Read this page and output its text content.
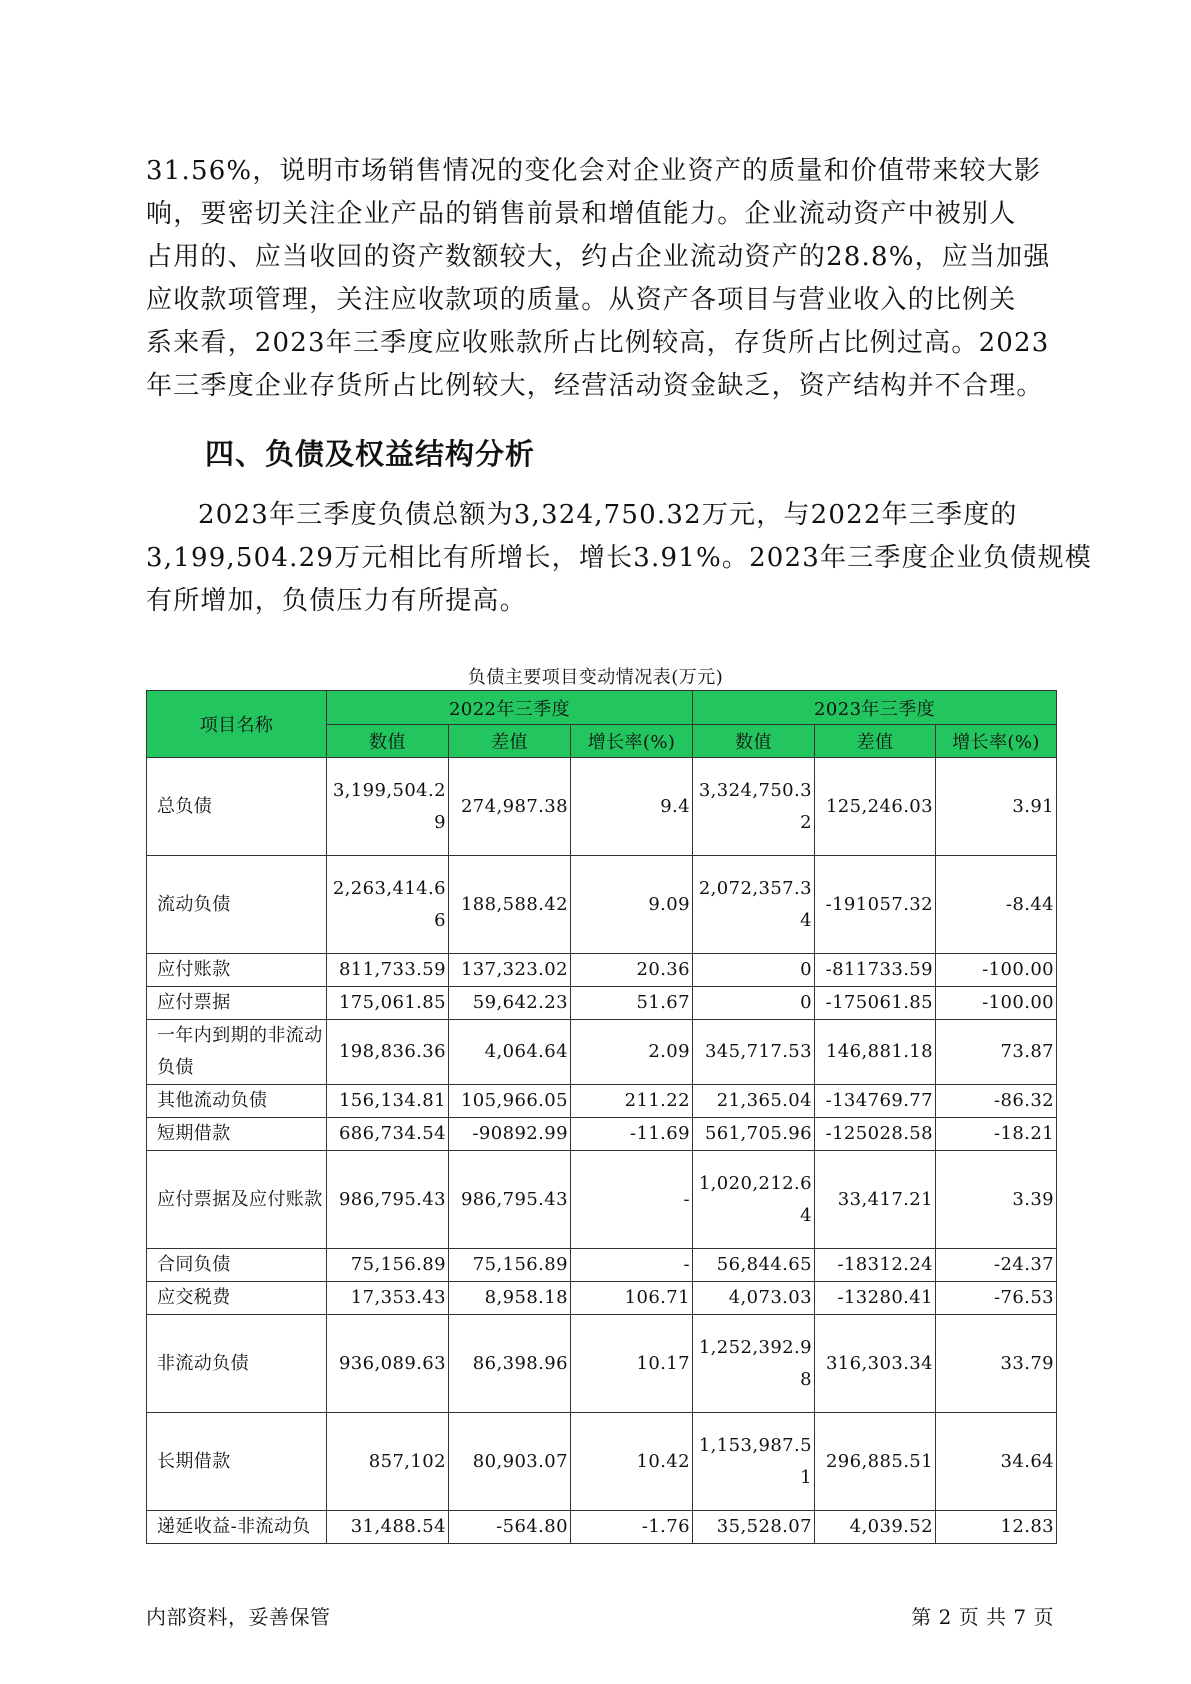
31.56%，说明市场销售情况的变化会对企业资产的质量和价值带来较大影
响，要密切关注企业产品的销售前景和增值能力。企业流动资产中被别人
占用的、应当收回的资产数额较大，约占企业流动资产的28.8%，应当加强
应收款项管理，关注应收款项的质量。从资产各项目与营业收入的比例关
系来看，2023年三季度应收账款所占比例较高，存货所占比例过高。2023
年三季度企业存货所占比例较大，经营活动资金缺乏，资产结构并不合理。
四、负债及权益结构分析
2023年三季度负债总额为3,324,750.32万元，与2022年三季度的
3,199,504.29万元相比有所增长，增长3.91%。2023年三季度企业负债规模
有所增加，负债压力有所提高。
负债主要项目变动情况表(万元)
项目名称	2022年三季度			2023年三季度		
	数值	差值	增长率(%)	数值	差值	增长率(%)
总负债	3,199,504.29	274,987.38	9.4	3,324,750.32	125,246.03	3.91
流动负债	2,263,414.66	188,588.42	9.09	2,072,357.34	-191057.32	-8.44
应付账款	811,733.59	137,323.02	20.36	0	-811733.59	-100.00
应付票据	175,061.85	59,642.23	51.67	0	-175061.85	-100.00
一年内到期的非流动负债	198,836.36	4,064.64	2.09	345,717.53	146,881.18	73.87
其他流动负债	156,134.81	105,966.05	211.22	21,365.04	-134769.77	-86.32
短期借款	686,734.54	-90892.99	-11.69	561,705.96	-125028.58	-18.21
应付票据及应付账款	986,795.43	986,795.43	-	1,020,212.64	33,417.21	3.39
合同负债	75,156.89	75,156.89	-	56,844.65	-18312.24	-24.37
应交税费	17,353.43	8,958.18	106.71	4,073.03	-13280.41	-76.53
非流动负债	936,089.63	86,398.96	10.17	1,252,392.98	316,303.34	33.79
长期借款	857,102	80,903.07	10.42	1,153,987.51	296,885.51	34.64
递延收益-非流动负	31,488.54	-564.80	-1.76	35,528.07	4,039.52	12.83
内部资料，妥善保管	第 2 页 共 7 页
